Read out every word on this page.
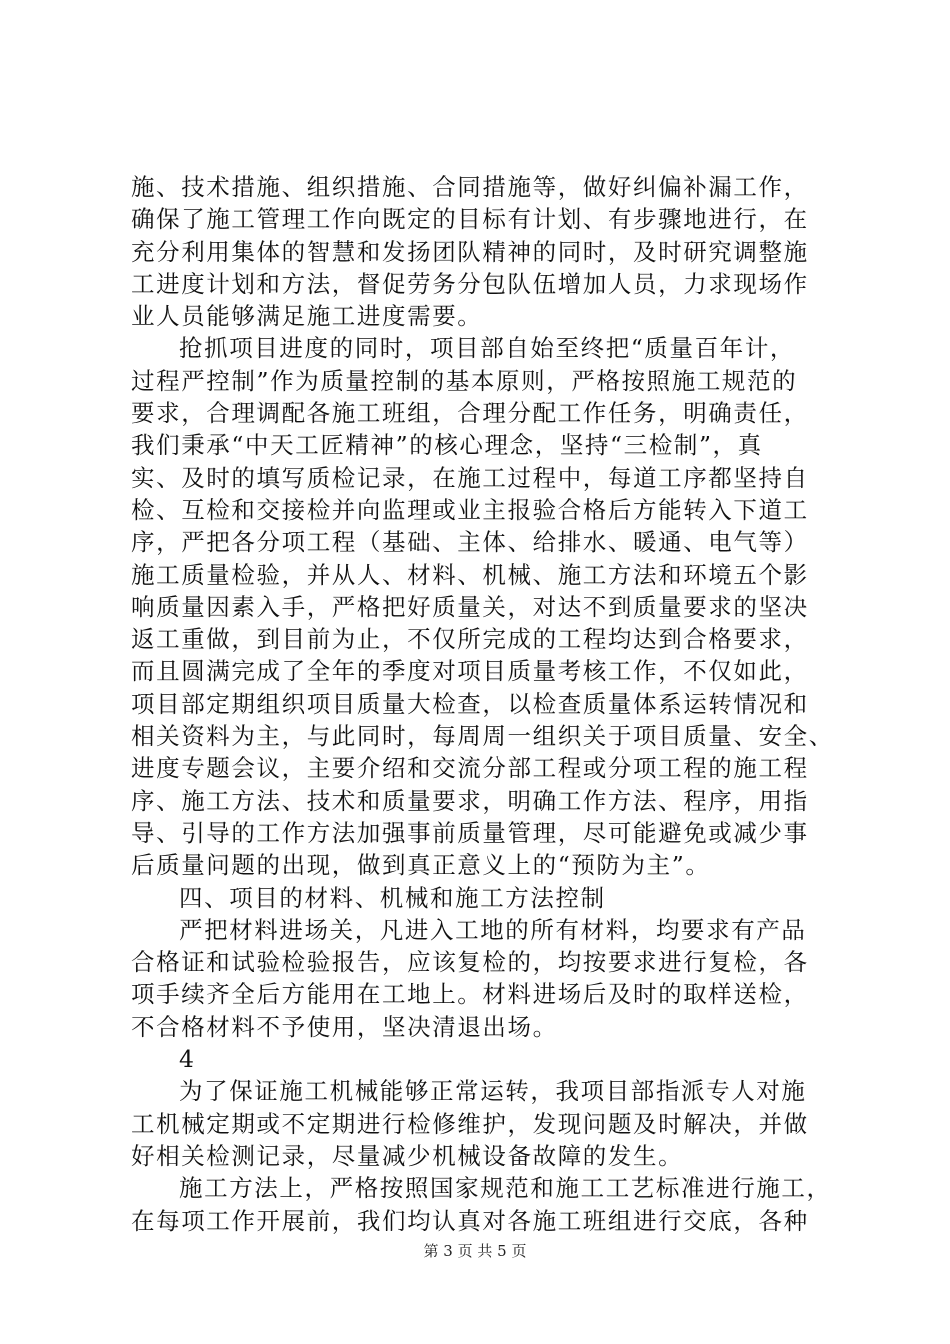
施、技术措施、组织措施、合同措施等，做好纠偏补漏工作，
确保了施工管理工作向既定的目标有计划、有步骤地进行，在
充分利用集体的智慧和发扬团队精神的同时，及时研究调整施
工进度计划和方法，督促劳务分包队伍增加人员，力求现场作
业人员能够满足施工进度需要。
抢抓项目进度的同时，项目部自始至终把“质量百年计，
过程严控制”作为质量控制的基本原则，严格按照施工规范的
要求，合理调配各施工班组，合理分配工作任务，明确责任，
我们秉承“中天工匠精神”的核心理念，坚持“三检制”，真
实、及时的填写质检记录，在施工过程中，每道工序都坚持自
检、互检和交接检并向监理或业主报验合格后方能转入下道工
序，严把各分项工程（基础、主体、给排水、暖通、电气等）
施工质量检验，并从人、材料、机械、施工方法和环境五个影
响质量因素入手，严格把好质量关，对达不到质量要求的坚决
返工重做，到目前为止，不仅所完成的工程均达到合格要求，
而且圆满完成了全年的季度对项目质量考核工作，不仅如此，
项目部定期组织项目质量大检查，以检查质量体系运转情况和
相关资料为主，与此同时，每周周一组织关于项目质量、安全、
进度专题会议，主要介绍和交流分部工程或分项工程的施工程
序、施工方法、技术和质量要求，明确工作方法、程序，用指
导、引导的工作方法加强事前质量管理，尽可能避免或减少事
后质量问题的出现，做到真正意义上的“预防为主”。
四、项目的材料、机械和施工方法控制
严把材料进场关，凡进入工地的所有材料，均要求有产品
合格证和试验检验报告，应该复检的，均按要求进行复检，各
项手续齐全后方能用在工地上。材料进场后及时的取样送检，
不合格材料不予使用，坚决清退出场。
4
为了保证施工机械能够正常运转，我项目部指派专人对施
工机械定期或不定期进行检修维护，发现问题及时解决，并做
好相关检测记录，尽量减少机械设备故障的发生。
施工方法上，严格按照国家规范和施工工艺标准进行施工，
在每项工作开展前，我们均认真对各施工班组进行交底，各种
第 3 页 共 5 页
